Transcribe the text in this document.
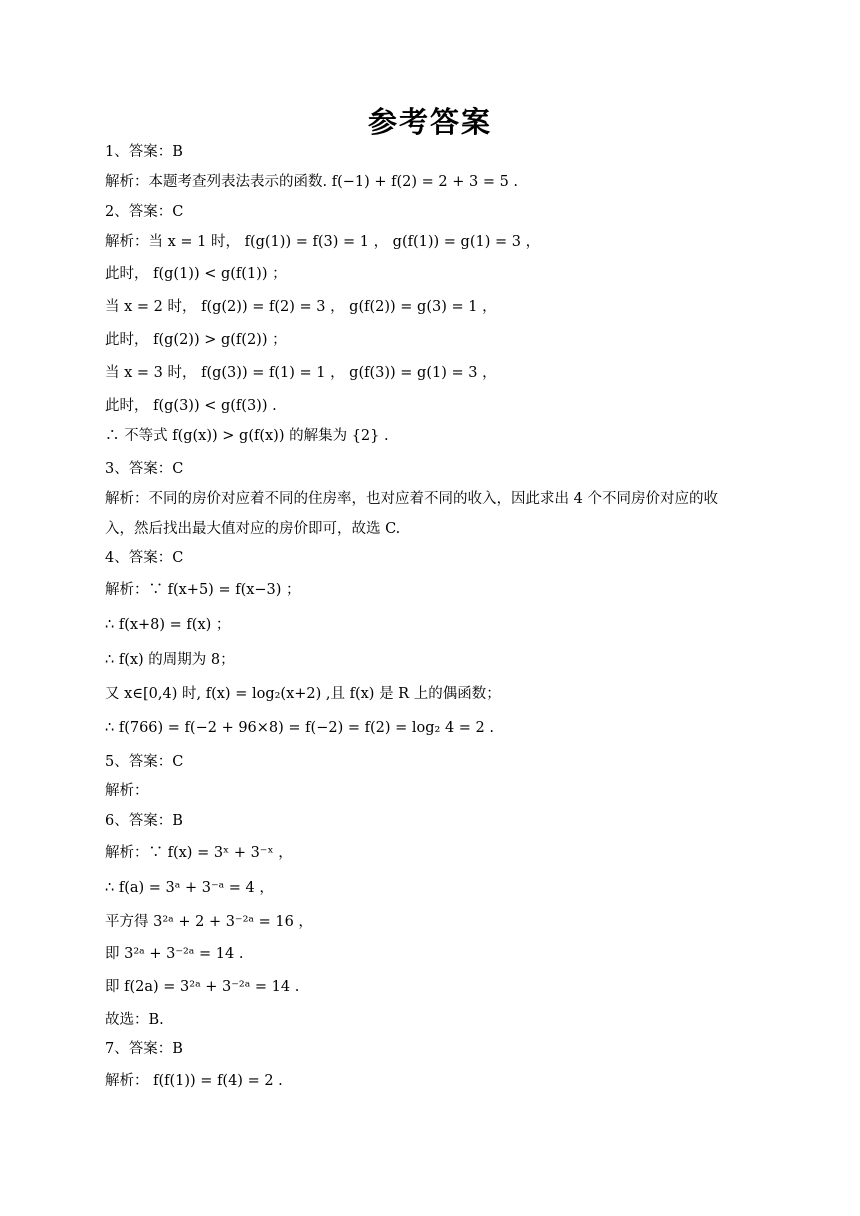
参考答案
1、答案：B
解析：本题考查列表法表示的函数. f(−1) + f(2) = 2 + 3 = 5 .
2、答案：C
解析：当 x = 1 时， f(g(1)) = f(3) = 1 ， g(f(1)) = g(1) = 3 ，
此时， f(g(1)) < g(f(1)) ；
当 x = 2 时， f(g(2)) = f(2) = 3 ， g(f(2)) = g(3) = 1 ，
此时， f(g(2)) > g(f(2)) ；
当 x = 3 时， f(g(3)) = f(1) = 1 ， g(f(3)) = g(1) = 3 ，
此时， f(g(3)) < g(f(3)) .
∴ 不等式 f(g(x)) > g(f(x)) 的解集为 {2} .
3、答案：C
解析：不同的房价对应着不同的住房率，也对应着不同的收入，因此求出 4 个不同房价对应的收
入，然后找出最大值对应的房价即可，故选 C.
4、答案：C
解析：∵ f(x+5) = f(x−3) ；
∴ f(x+8) = f(x) ；
∴ f(x) 的周期为 8；
又 x∈[0,4) 时, f(x) = log₂(x+2) ,且 f(x) 是 R 上的偶函数；
∴ f(766) = f(−2 + 96×8) = f(−2) = f(2) = log₂ 4 = 2 .
5、答案：C
解析：
6、答案：B
解析：∵ f(x) = 3ˣ + 3⁻ˣ ，
∴ f(a) = 3ᵃ + 3⁻ᵃ = 4 ，
平方得 3²ᵃ + 2 + 3⁻²ᵃ = 16 ，
即 3²ᵃ + 3⁻²ᵃ = 14 .
即 f(2a) = 3²ᵃ + 3⁻²ᵃ = 14 .
故选：B.
7、答案：B
解析： f(f(1)) = f(4) = 2 .
